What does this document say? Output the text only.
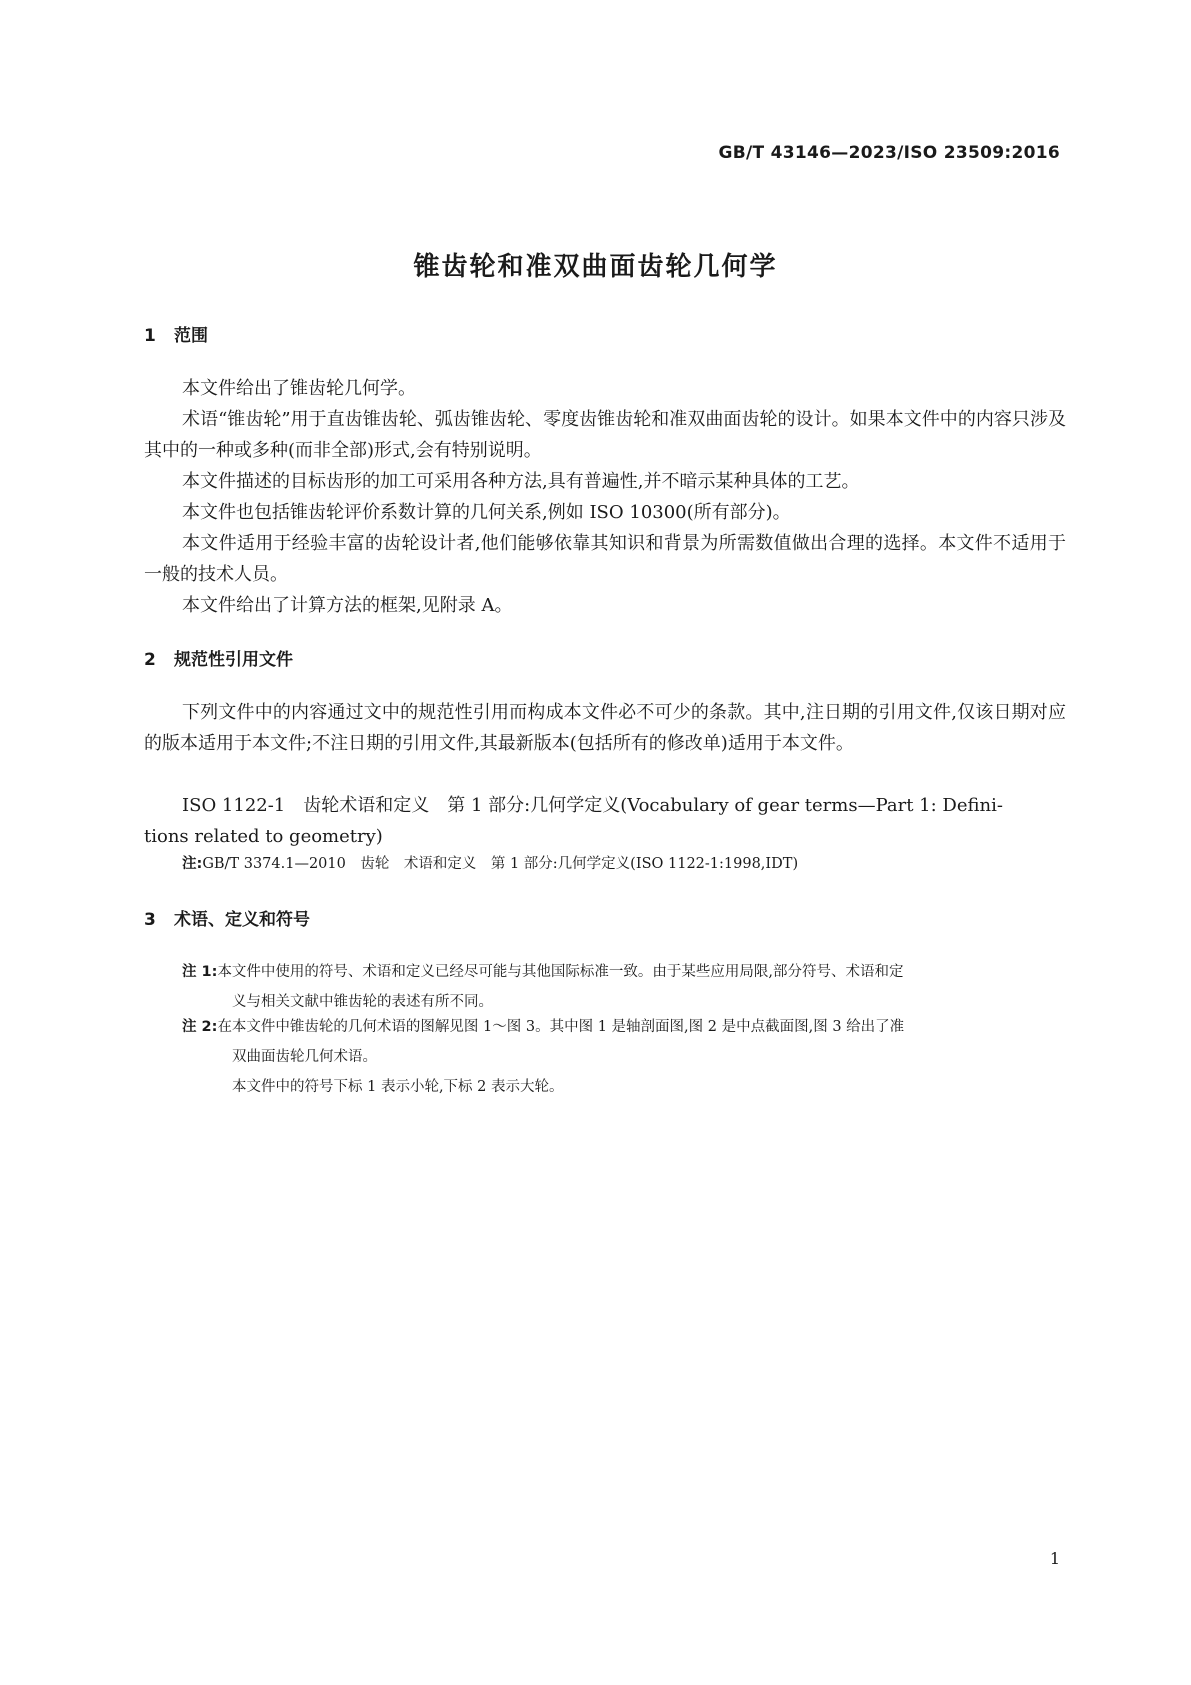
GB/T 43146—2023/ISO 23509:2016
锥齿轮和准双曲面齿轮几何学
1 范围
本文件给出了锥齿轮几何学。
术语“锥齿轮”用于直齿锥齿轮、弧齿锥齿轮、零度齿锥齿轮和准双曲面齿轮的设计。如果本文件中的内容只涉及其中的一种或多种(而非全部)形式,会有特别说明。
本文件描述的目标齿形的加工可采用各种方法,具有普遍性,并不暗示某种具体的工艺。
本文件也包括锥齿轮评价系数计算的几何关系,例如 ISO 10300(所有部分)。
本文件适用于经验丰富的齿轮设计者,他们能够依靠其知识和背景为所需数值做出合理的选择。本文件不适用于一般的技术人员。
本文件给出了计算方法的框架,见附录 A。
2 规范性引用文件
下列文件中的内容通过文中的规范性引用而构成本文件必不可少的条款。其中,注日期的引用文件,仅该日期对应的版本适用于本文件;不注日期的引用文件,其最新版本(包括所有的修改单)适用于本文件。
ISO 1122-1　齿轮术语和定义　第 1 部分:几何学定义(Vocabulary of gear terms—Part 1: Defini-
tions related to geometry)
注:GB/T 3374.1—2010　齿轮　术语和定义　第 1 部分:几何学定义(ISO 1122-1:1998,IDT)
3 术语、定义和符号
注 1:本文件中使用的符号、术语和定义已经尽可能与其他国际标准一致。由于某些应用局限,部分符号、术语和定
义与相关文献中锥齿轮的表述有所不同。
注 2:在本文件中锥齿轮的几何术语的图解见图 1～图 3。其中图 1 是轴剖面图,图 2 是中点截面图,图 3 给出了准
双曲面齿轮几何术语。
本文件中的符号下标 1 表示小轮,下标 2 表示大轮。
1
